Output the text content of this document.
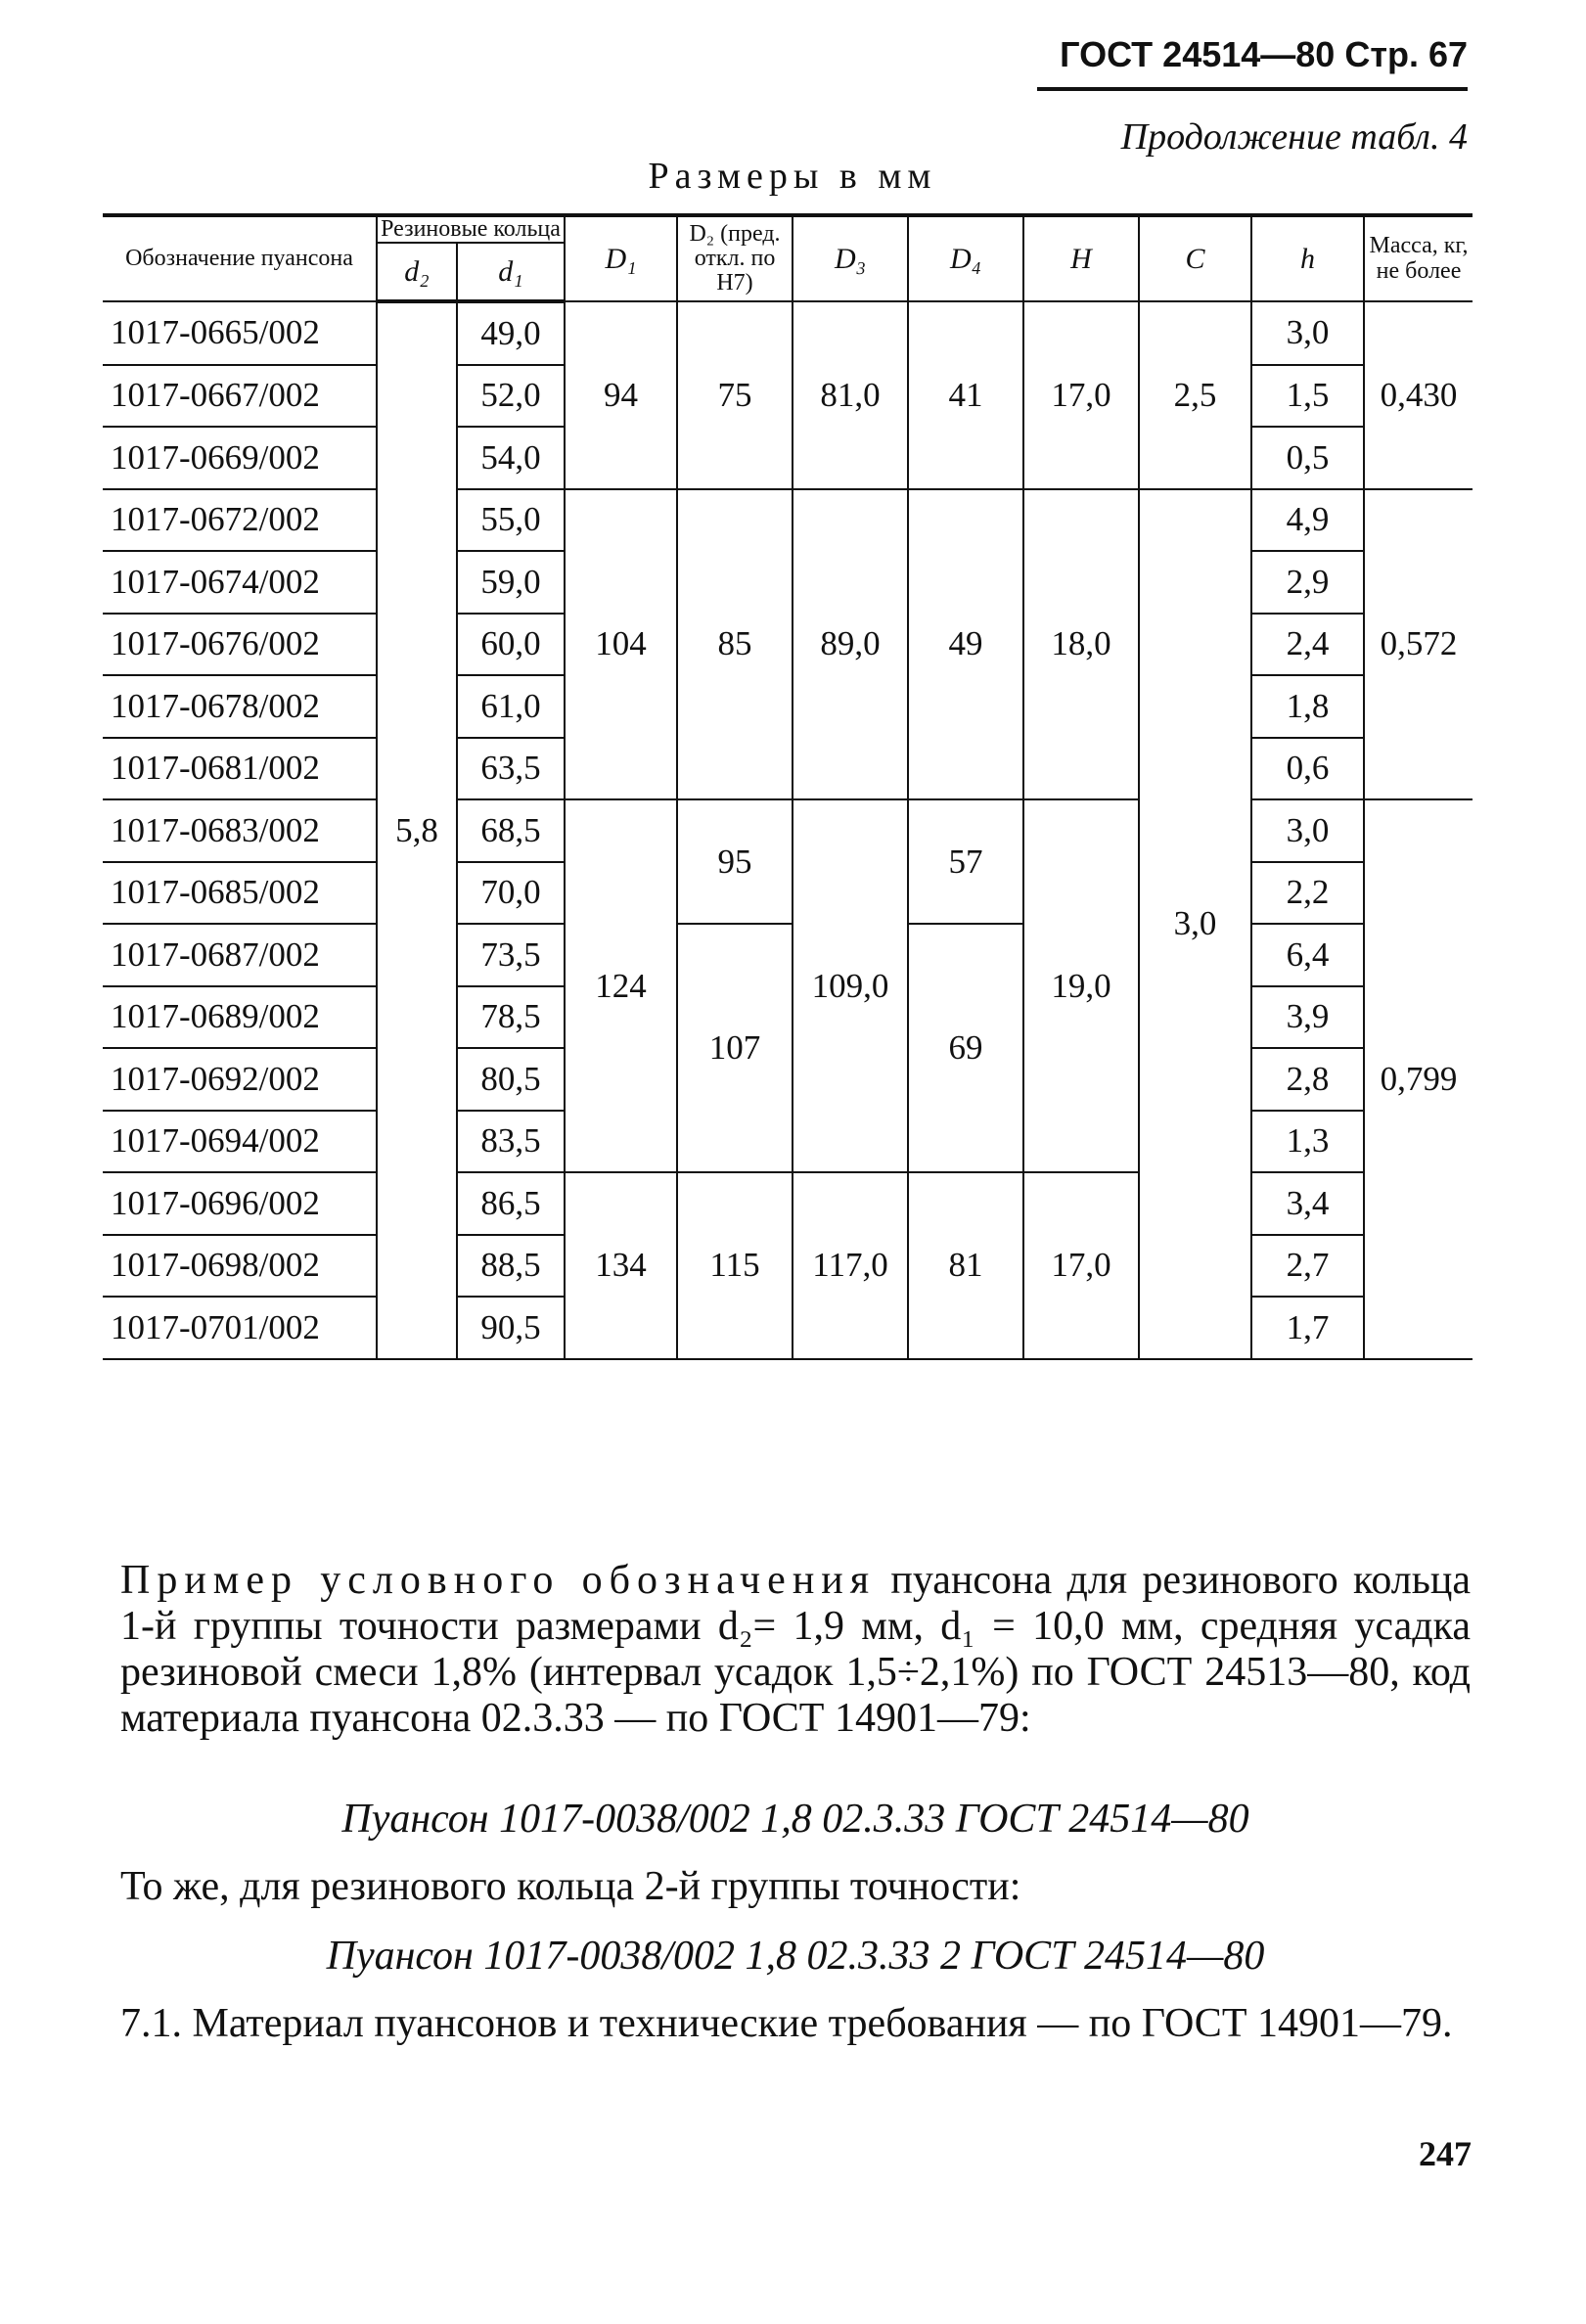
ГОСТ 24514—80 Стр. 67
Продолжение табл. 4
Размеры в мм
Обозначение пуансона	Резиновые кольца		D₁	D₂ (пред. откл. по H7)	D₃	D₄	H	C	h	Масса, кг, не более
	d₂	d₁								
1017-0665/002	5,8	49,0	94	75	81,0	41	17,0	2,5	3,0	0,430
1017-0667/002		52,0							1,5	
1017-0669/002		54,0							0,5	
1017-0672/002		55,0	104	85	89,0	49	18,0	3,0	4,9	0,572
1017-0674/002		59,0							2,9	
1017-0676/002		60,0							2,4	
1017-0678/002		61,0							1,8	
1017-0681/002		63,5							0,6	
1017-0683/002		68,5	124	95	109,0	57	19,0		3,0	0,799
1017-0685/002		70,0							2,2	
1017-0687/002		73,5		107		69			6,4	
1017-0689/002		78,5							3,9	
1017-0692/002		80,5							2,8	
1017-0694/002		83,5							1,3	
1017-0696/002		86,5	134	115	117,0	81	17,0		3,4	
1017-0698/002		88,5							2,7	
1017-0701/002		90,5							1,7	
Пример условного обозначения пуансона для резинового кольца 1-й группы точности размерами d₂= 1,9 мм, d₁ = 10,0 мм, средняя усадка резиновой смеси 1,8% (интервал усадок 1,5÷2,1%) по ГОСТ 24513—80, код материала пуансона 02.3.33 — по ГОСТ 14901—79:
Пуансон 1017-0038/002 1,8 02.3.33 ГОСТ 24514—80
То же, для резинового кольца 2-й группы точности:
Пуансон 1017-0038/002 1,8 02.3.33 2 ГОСТ 24514—80
7.1. Материал пуансонов и технические требования — по ГОСТ 14901—79.
247
